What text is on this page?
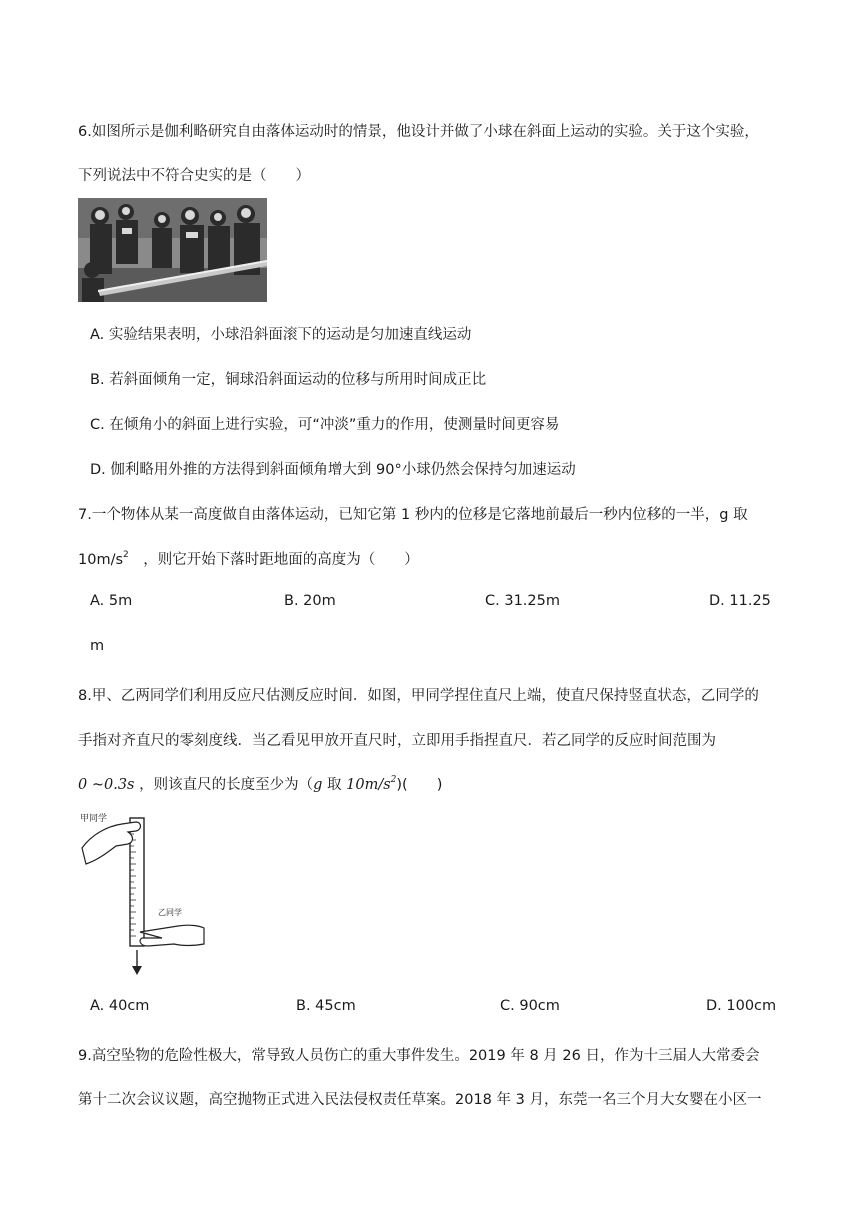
6.如图所示是伽利略研究自由落体运动时的情景，他设计并做了小球在斜面上运动的实验。关于这个实验，
下列说法中不符合史实的是（　　）
A. 实验结果表明，小球沿斜面滚下的运动是匀加速直线运动
B. 若斜面倾角一定，铜球沿斜面运动的位移与所用时间成正比
C. 在倾角小的斜面上进行实验，可“冲淡”重力的作用，使测量时间更容易
D. 伽利略用外推的方法得到斜面倾角增大到 90°小球仍然会保持匀加速运动
7.一个物体从某一高度做自由落体运动，已知它第 1 秒内的位移是它落地前最后一秒内位移的一半，g 取
$10m/s^2$　，则它开始下落时距地面的高度为（　　）
A. 5m	B. 20m	C. 31.25m	D. 11.25
m
8.甲、乙两同学们利用反应尺估测反应时间．如图，甲同学捏住直尺上端，使直尺保持竖直状态，乙同学的
手指对齐直尺的零刻度线．当乙看见甲放开直尺时，立即用手指捏直尺．若乙同学的反应时间范围为
0 ~0.3s ，则该直尺的长度至少为（g 取 $10m/s^2$)(　　)
甲同学
乙同学
A. 40cm	B. 45cm	C. 90cm	D. 100cm
9.高空坠物的危险性极大，常导致人员伤亡的重大事件发生。2019 年 8 月 26 日，作为十三届人大常委会
第十二次会议议题，高空抛物正式进入民法侵权责任草案。2018 年 3 月，东莞一名三个月大女婴在小区一
